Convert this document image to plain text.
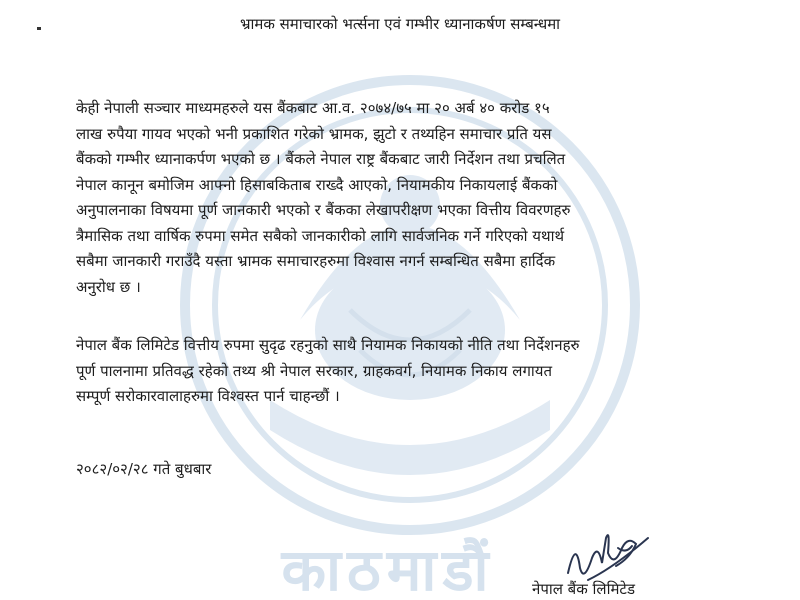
काठमाडौं
भ्रामक समाचारको भर्त्सना एवं गम्भीर ध्यानाकर्षण सम्बन्धमा
केही नेपाली सञ्चार माध्यमहरुले यस बैंकबाट आ.व. २०७४/७५ मा २० अर्ब ४० करोड १५
लाख रुपैया गायव भएको भनी प्रकाशित गरेको भ्रामक, झुटो र तथ्यहिन समाचार प्रति यस
बैंकको गम्भीर ध्यानाकर्पण भएको छ । बैंकले नेपाल राष्ट्र बैंकबाट जारी निर्देशन तथा प्रचलित
नेपाल कानून बमोजिम आफ्नो हिसाबकिताब राख्दै आएको, नियामकीय निकायलाई बैंकको
अनुपालनाका विषयमा पूर्ण जानकारी भएको र बैंकका लेखापरीक्षण भएका वित्तीय विवरणहरु
त्रैमासिक तथा वार्षिक रुपमा समेत सबैको जानकारीको लागि सार्वजनिक गर्ने गरिएको यथार्थ
सबैमा जानकारी गराउँदै यस्ता भ्रामक समाचारहरुमा विश्वास नगर्न सम्बन्धित सबैमा हार्दिक
अनुरोध छ ।
नेपाल बैंक लिमिटेड वित्तीय रुपमा सुदृढ रहनुको साथै नियामक निकायको नीति तथा निर्देशनहरु
पूर्ण पालनामा प्रतिवद्ध रहेको तथ्य श्री नेपाल सरकार, ग्राहकवर्ग, नियामक निकाय लगायत
सम्पूर्ण सरोकारवालाहरुमा विश्वस्त पार्न चाहन्छौं ।
२०८२/०२/२८ गते बुधबार
नेपाल बैंक लिमिटेड
